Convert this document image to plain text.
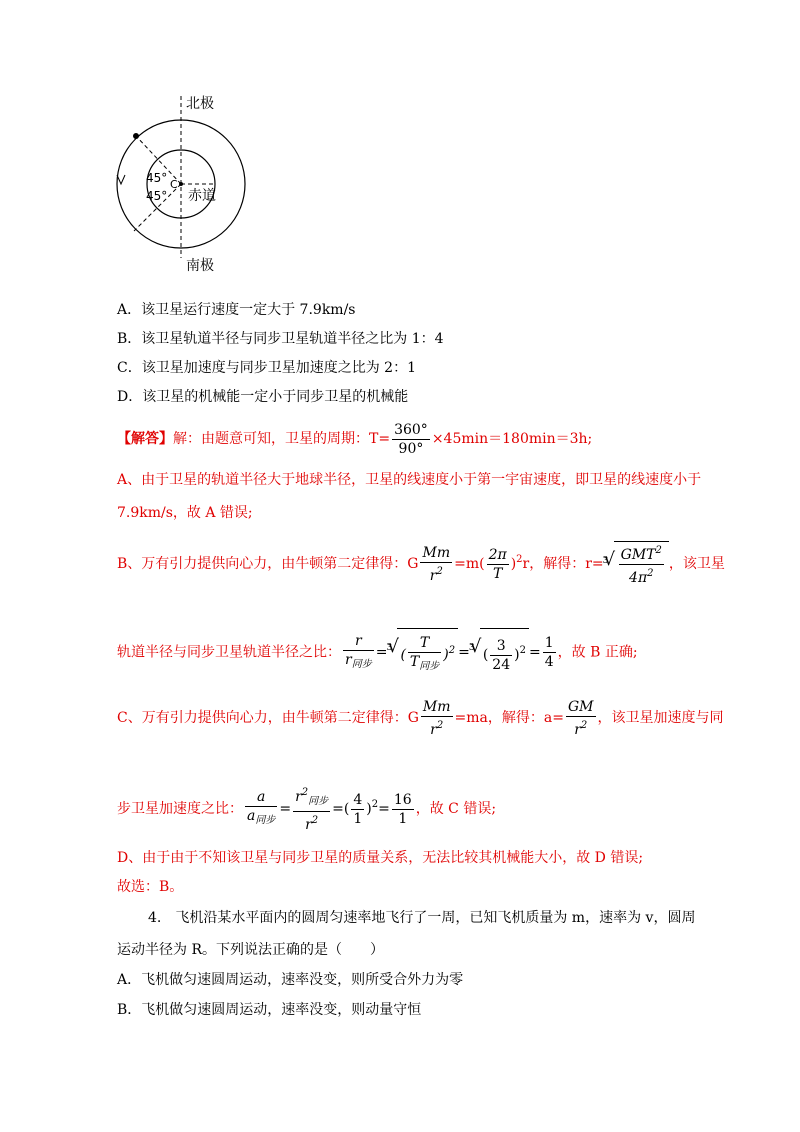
北极
南极
赤道
45°
45°
C
A．该卫星运行速度一定大于 7.9km/s
B．该卫星轨道半径与同步卫星轨道半径之比为 1：4
C．该卫星加速度与同步卫星加速度之比为 2：1
D．该卫星的机械能一定小于同步卫星的机械能
【解答】解：由题意可知，卫星的周期：$T= \frac{360^\circ}{90^\circ} \times 45\min=180\min=3h$;
A、由于卫星的轨道半径大于地球半径，卫星的线速度小于第一宇宙速度，即卫星的线速度小于
7.9km/s，故 A 错误;
B、万有引力提供向心力，由牛顿第二定律得：G $\frac{Mm}{r^2} =m( \frac{2\pi}{T} )^2r$，解得：r= 3 √ $\frac{GMT^2}{4\pi^2}$ ，该卫星
轨道半径与同步卫星轨道半径之比： $\frac{r}{r_{同步}} = 3$ √ ( $\frac{T}{T_{同步}} )^2 = 3$ √ ( $\frac{3}{24} )^2 = \frac{1}{4}$ ，故 B 正确;
C、万有引力提供向心力，由牛顿第二定律得：G $\frac{Mm}{r^2} =ma$，解得：$a= \frac{GM}{r^2}$ ，该卫星加速度与同
步卫星加速度之比： $\frac{a}{a_{同步}} = \frac{r^2_{同步}}{r^2}$ =( $\frac{4}{1} )^2= \frac{16}{1}$ ，故 C 错误;
D、由于由于不知该卫星与同步卫星的质量关系，无法比较其机械能大小，故 D 错误;
故选：B。
4.　飞机沿某水平面内的圆周匀速率地飞行了一周，已知飞机质量为 m，速率为 v，圆周
运动半径为 R。下列说法正确的是（　　）
A．飞机做匀速圆周运动，速率没变，则所受合外力为零
B．飞机做匀速圆周运动，速率没变，则动量守恒
